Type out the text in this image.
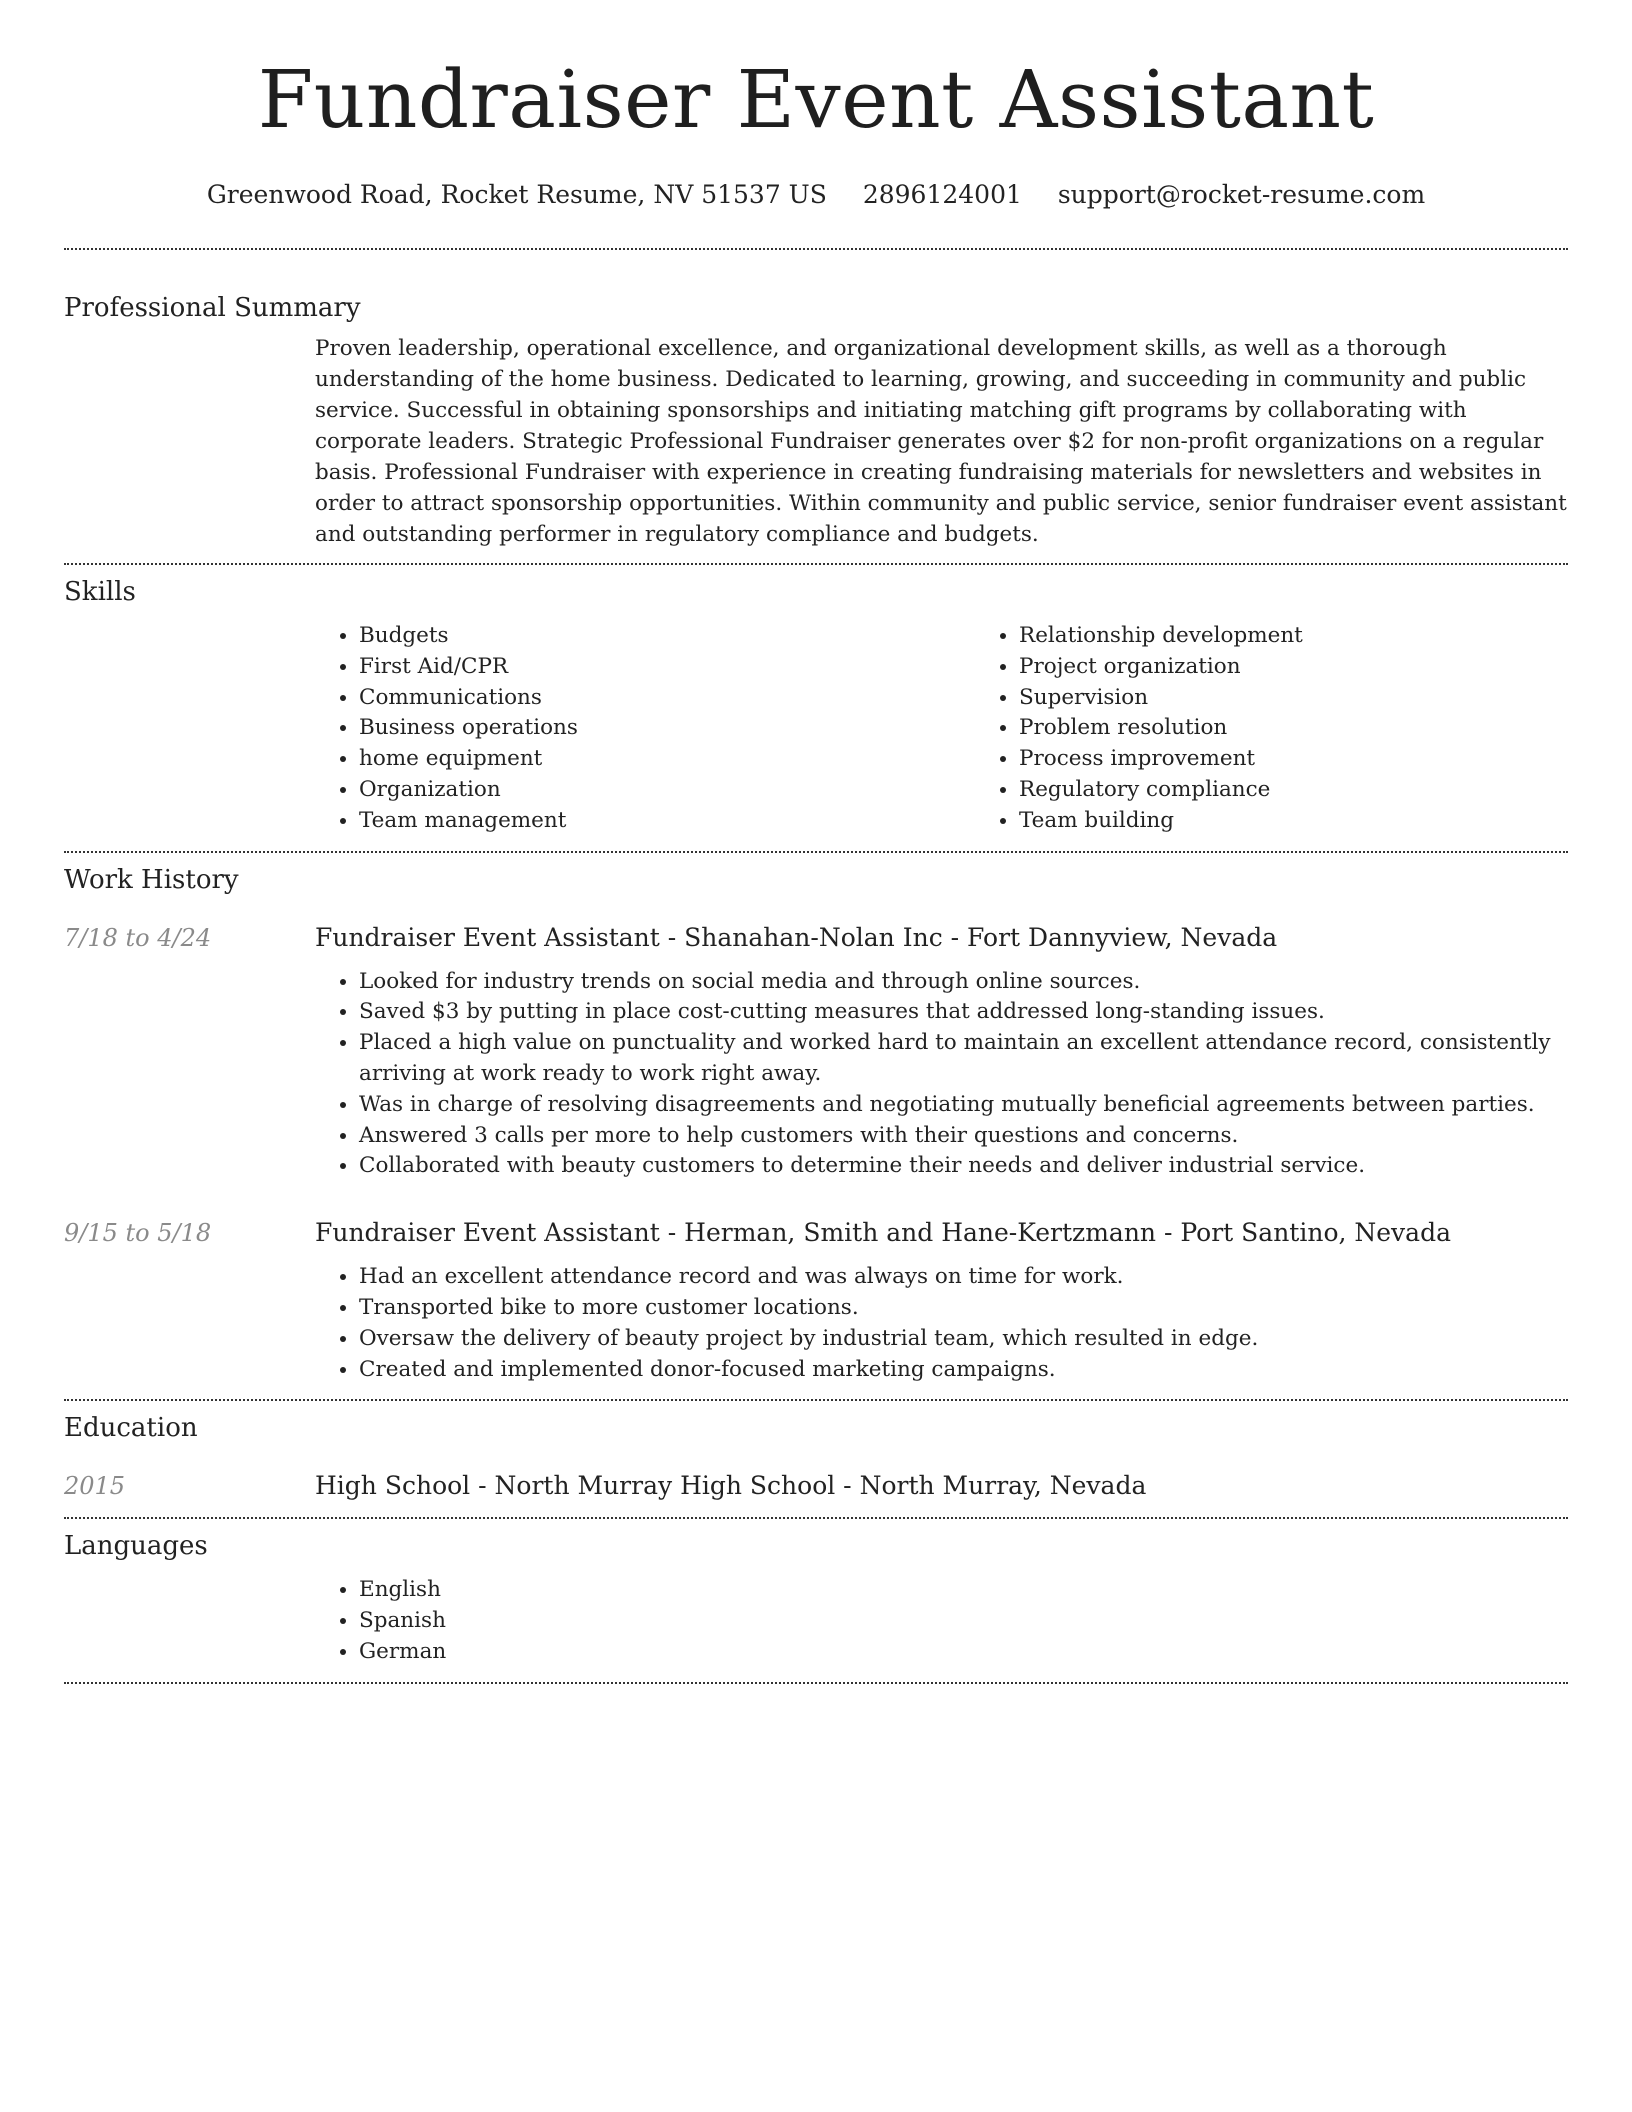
Fundraiser Event Assistant
Greenwood Road, Rocket Resume, NV 51537 US 2896124001 support@rocket-resume.com
Professional Summary

Proven leadership, operational excellence, and organizational development skills, as well as a thorough understanding of the home business. Dedicated to learning, growing, and succeeding in community and public service. Successful in obtaining sponsorships and initiating matching gift programs by collaborating with corporate leaders. Strategic Professional Fundraiser generates over $2 for non-profit organizations on a regular basis. Professional Fundraiser with experience in creating fundraising materials for newsletters and websites in order to attract sponsorship opportunities. Within community and public service, senior fundraiser event assistant and outstanding performer in regulatory compliance and budgets.

Skills
• Budgets
• First Aid/CPR
• Communications
• Business operations
• home equipment
• Organization
• Team management
• Relationship development
• Project organization
• Supervision
• Problem resolution
• Process improvement
• Regulatory compliance
• Team building
Work History
7/18 to 4/24	Fundraiser Event Assistant - Shanahan-Nolan Inc - Fort Dannyview, Nevada
• Looked for industry trends on social media and through online sources.
• Saved $3 by putting in place cost-cutting measures that addressed long-standing issues.
• Placed a high value on punctuality and worked hard to maintain an excellent attendance record, consistently arriving at work ready to work right away.
• Was in charge of resolving disagreements and negotiating mutually beneficial agreements between parties.
• Answered 3 calls per more to help customers with their questions and concerns.
• Collaborated with beauty customers to determine their needs and deliver industrial service.
9/15 to 5/18	Fundraiser Event Assistant - Herman, Smith and Hane-Kertzmann - Port Santino, Nevada
• Had an excellent attendance record and was always on time for work.
• Transported bike to more customer locations.
• Oversaw the delivery of beauty project by industrial team, which resulted in edge.
• Created and implemented donor-focused marketing campaigns.
Education
2015	High School - North Murray High School - North Murray, Nevada
Languages
• English
• Spanish
• German
